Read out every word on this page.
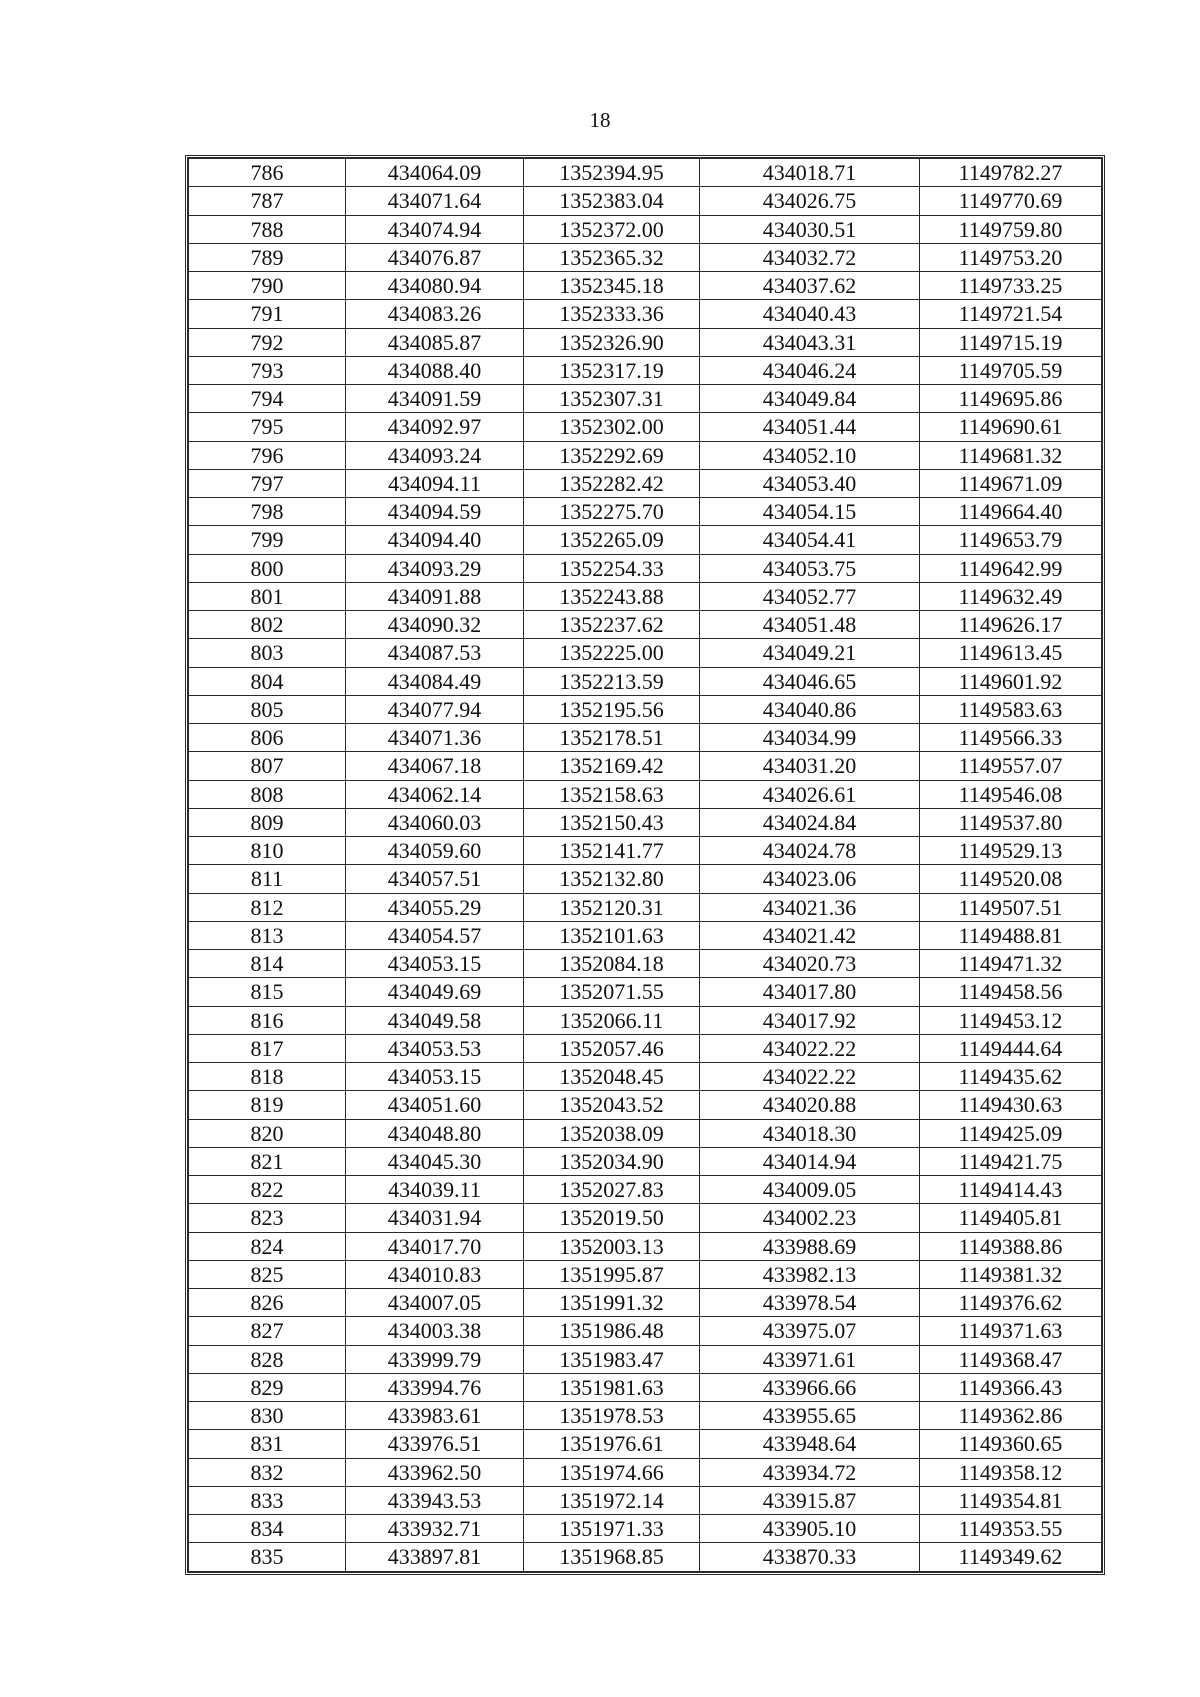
18
786	434064.09	1352394.95	434018.71	1149782.27
787	434071.64	1352383.04	434026.75	1149770.69
788	434074.94	1352372.00	434030.51	1149759.80
789	434076.87	1352365.32	434032.72	1149753.20
790	434080.94	1352345.18	434037.62	1149733.25
791	434083.26	1352333.36	434040.43	1149721.54
792	434085.87	1352326.90	434043.31	1149715.19
793	434088.40	1352317.19	434046.24	1149705.59
794	434091.59	1352307.31	434049.84	1149695.86
795	434092.97	1352302.00	434051.44	1149690.61
796	434093.24	1352292.69	434052.10	1149681.32
797	434094.11	1352282.42	434053.40	1149671.09
798	434094.59	1352275.70	434054.15	1149664.40
799	434094.40	1352265.09	434054.41	1149653.79
800	434093.29	1352254.33	434053.75	1149642.99
801	434091.88	1352243.88	434052.77	1149632.49
802	434090.32	1352237.62	434051.48	1149626.17
803	434087.53	1352225.00	434049.21	1149613.45
804	434084.49	1352213.59	434046.65	1149601.92
805	434077.94	1352195.56	434040.86	1149583.63
806	434071.36	1352178.51	434034.99	1149566.33
807	434067.18	1352169.42	434031.20	1149557.07
808	434062.14	1352158.63	434026.61	1149546.08
809	434060.03	1352150.43	434024.84	1149537.80
810	434059.60	1352141.77	434024.78	1149529.13
811	434057.51	1352132.80	434023.06	1149520.08
812	434055.29	1352120.31	434021.36	1149507.51
813	434054.57	1352101.63	434021.42	1149488.81
814	434053.15	1352084.18	434020.73	1149471.32
815	434049.69	1352071.55	434017.80	1149458.56
816	434049.58	1352066.11	434017.92	1149453.12
817	434053.53	1352057.46	434022.22	1149444.64
818	434053.15	1352048.45	434022.22	1149435.62
819	434051.60	1352043.52	434020.88	1149430.63
820	434048.80	1352038.09	434018.30	1149425.09
821	434045.30	1352034.90	434014.94	1149421.75
822	434039.11	1352027.83	434009.05	1149414.43
823	434031.94	1352019.50	434002.23	1149405.81
824	434017.70	1352003.13	433988.69	1149388.86
825	434010.83	1351995.87	433982.13	1149381.32
826	434007.05	1351991.32	433978.54	1149376.62
827	434003.38	1351986.48	433975.07	1149371.63
828	433999.79	1351983.47	433971.61	1149368.47
829	433994.76	1351981.63	433966.66	1149366.43
830	433983.61	1351978.53	433955.65	1149362.86
831	433976.51	1351976.61	433948.64	1149360.65
832	433962.50	1351974.66	433934.72	1149358.12
833	433943.53	1351972.14	433915.87	1149354.81
834	433932.71	1351971.33	433905.10	1149353.55
835	433897.81	1351968.85	433870.33	1149349.62
